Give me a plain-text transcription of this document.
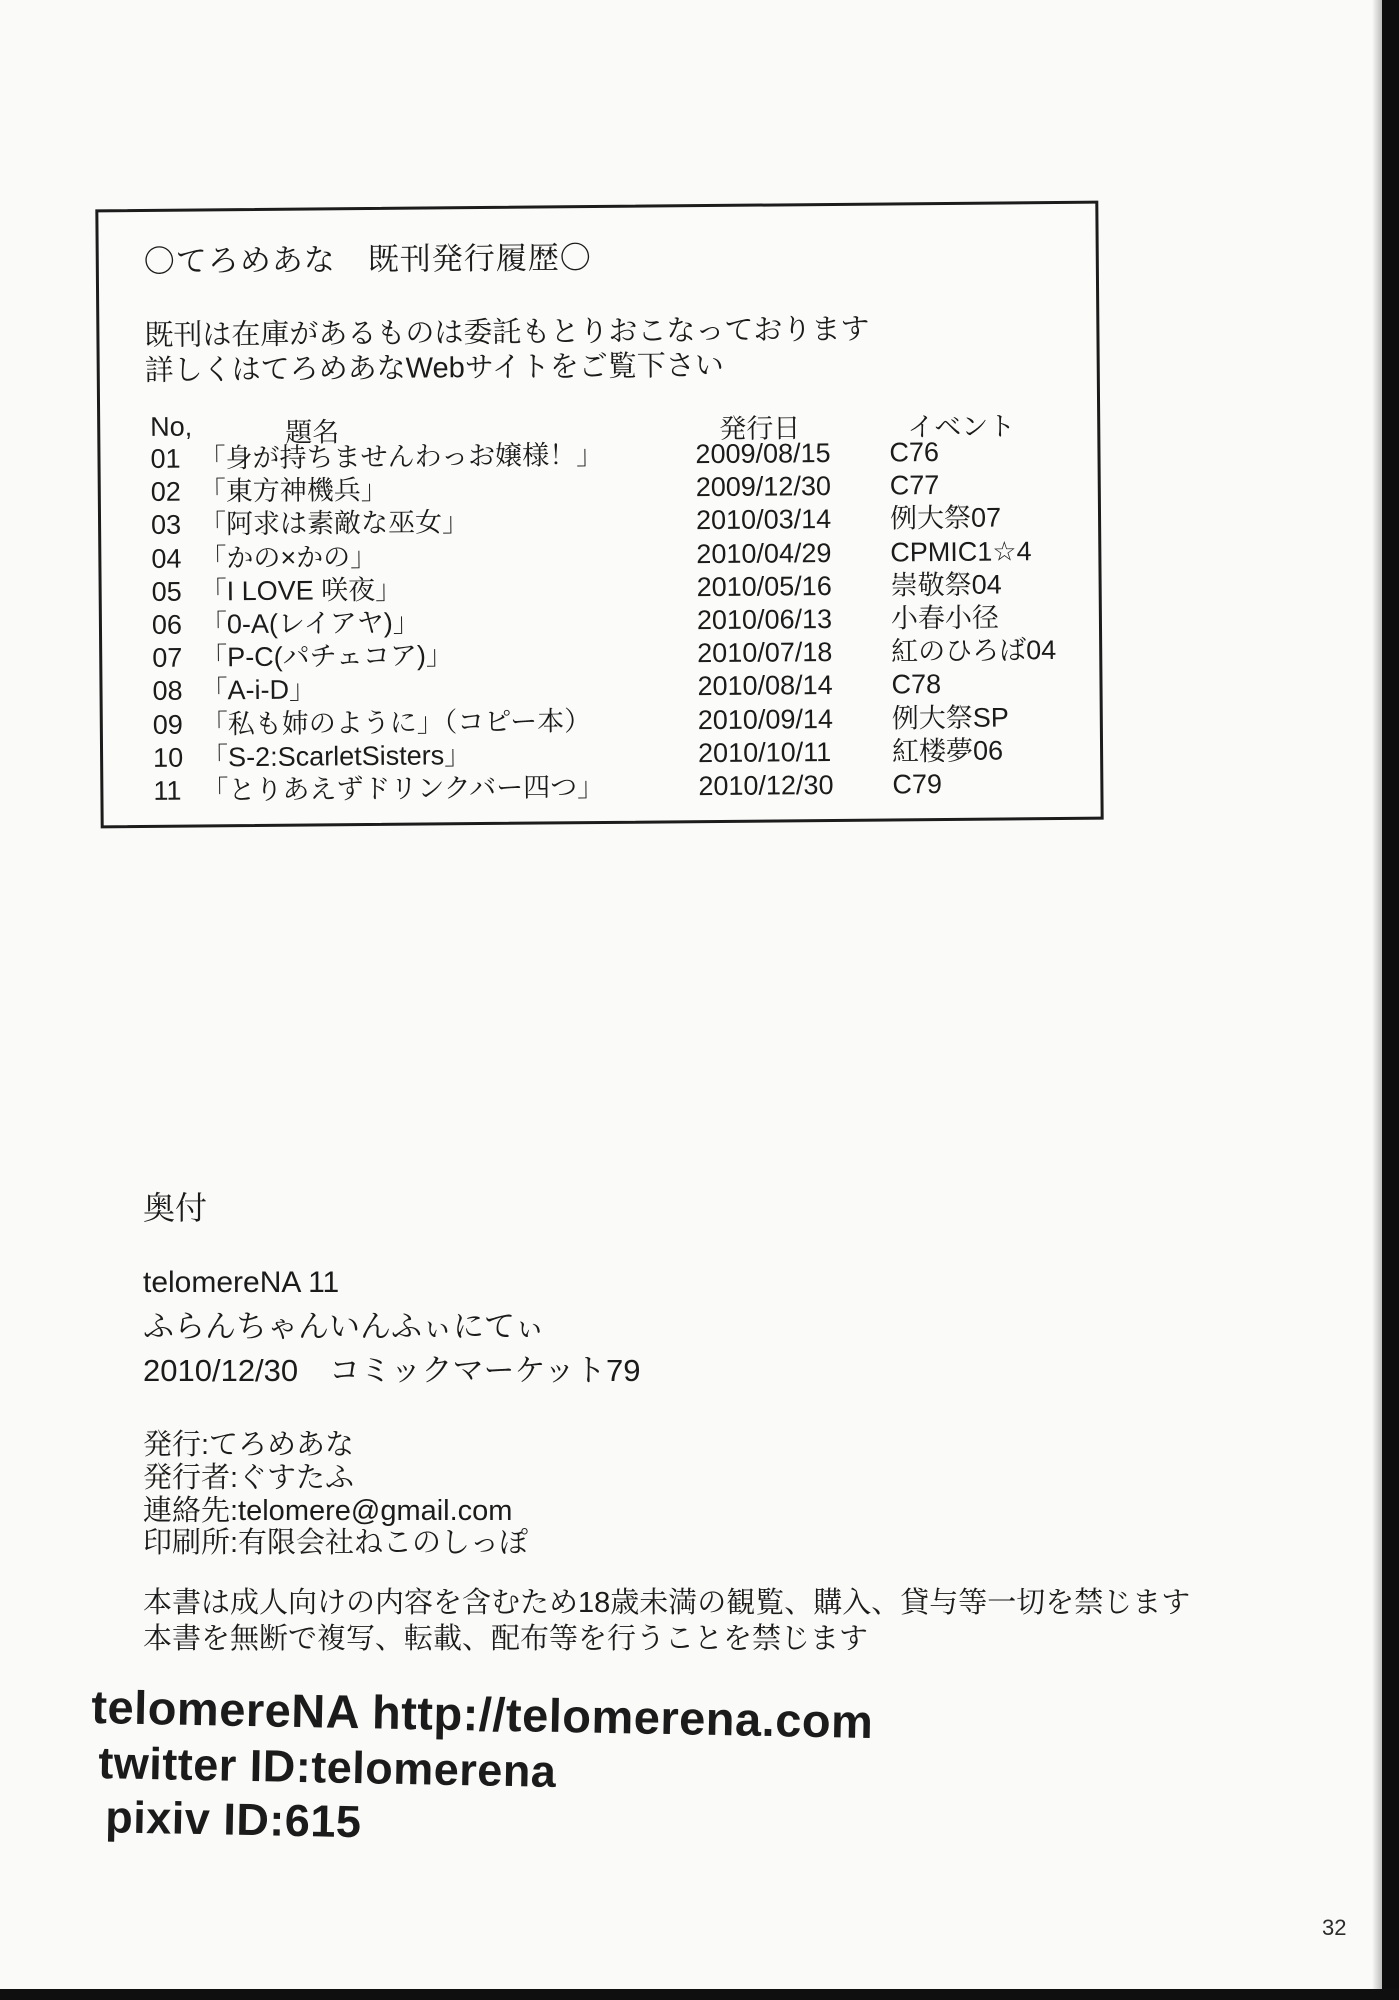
〇てろめあな　既刊発行履歴〇
既刊は在庫があるものは委託もとりおこなっております
詳しくはてろめあなWebサイトをご覧下さい
No,	題名	発行日	イベント
01 「身が持ちませんわっお嬢様！」	2009/08/15	C76
02 「東方神機兵」	2009/12/30	C77
03 「阿求は素敵な巫女」	2010/03/14	例大祭07
04 「かの×かの」	2010/04/29	CPMIC1☆4
05 「I LOVE 咲夜」	2010/05/16	崇敬祭04
06 「0-A(レイアヤ)」	2010/06/13	小春小径
07 「P-C(パチェコア)」	2010/07/18	紅のひろば04
08 「A-i-D」	2010/08/14	C78
09 「私も姉のように」（コピー本）	2010/09/14	例大祭SP
10 「S-2:ScarletSisters」	2010/10/11	紅楼夢06
11 「とりあえずドリンクバー四つ」	2010/12/30	C79
奥付
telomereNA 11
ふらんちゃんいんふぃにてぃ
2010/12/30　コミックマーケット79
発行:てろめあな
発行者:ぐすたふ
連絡先:telomere@gmail.com
印刷所:有限会社ねこのしっぽ
本書は成人向けの内容を含むため18歳未満の観覧、購入、貸与等一切を禁じます
本書を無断で複写、転載、配布等を行うことを禁じます
telomereNA http://telomerena.com
twitter ID:telomerena
pixiv ID:615
32
